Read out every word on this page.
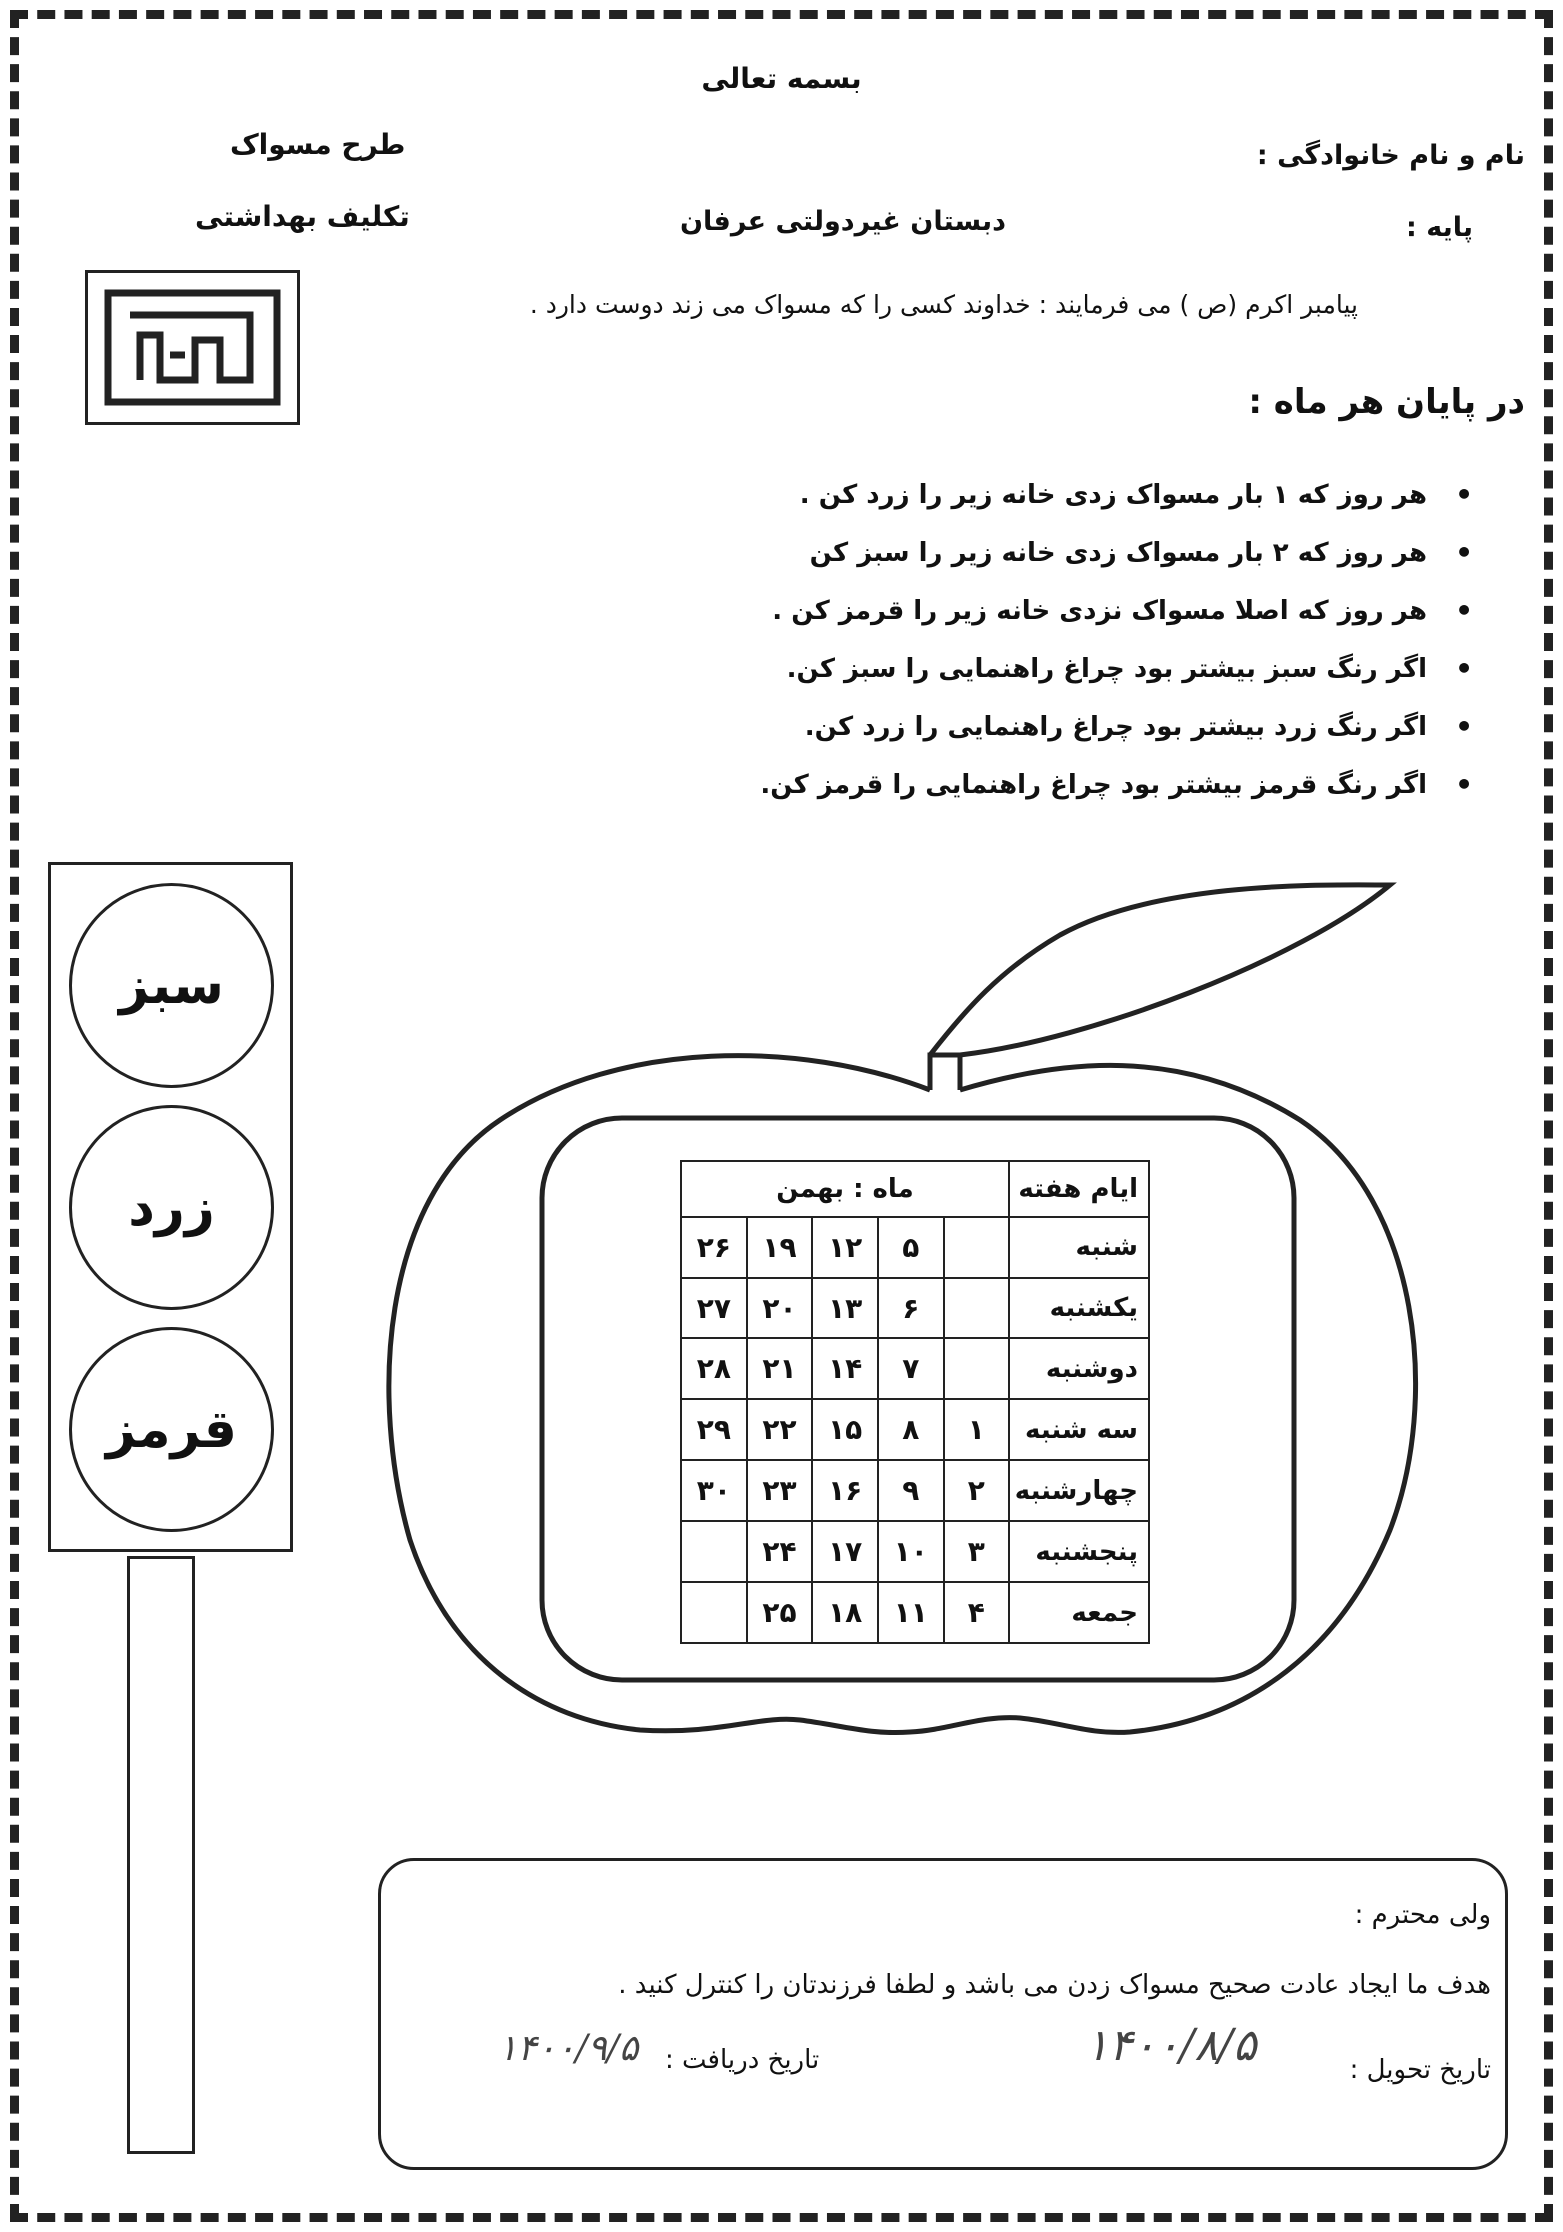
بسمه تعالی
نام و نام خانوادگی :
پایه :
دبستان غیردولتی عرفان
طرح مسواک
تکلیف بهداشتی
پیامبر اکرم (ص ) می فرمایند : خداوند کسی را که مسواک می زند دوست دارد .
در پایان هر ماه :
• هر روز که ۱ بار مسواک زدی خانه زیر را زرد کن .
• هر روز که ۲ بار مسواک زدی خانه زیر را سبز کن
• هر روز که اصلا مسواک نزدی خانه زیر را قرمز کن .
• اگر رنگ سبز بیشتر بود چراغ راهنمایی را سبز کن.
• اگر رنگ زرد بیشتر بود چراغ راهنمایی را زرد کن.
• اگر رنگ قرمز بیشتر بود چراغ راهنمایی را قرمز کن.
سبز
زرد
قرمز
ایام هفته	ماه : بهمن				
شنبه		۵	۱۲	۱۹	۲۶
یکشنبه		۶	۱۳	۲۰	۲۷
دوشنبه		۷	۱۴	۲۱	۲۸
سه شنبه	۱	۸	۱۵	۲۲	۲۹
چهارشنبه	۲	۹	۱۶	۲۳	۳۰
پنجشنبه	۳	۱۰	۱۷	۲۴	
جمعه	۴	۱۱	۱۸	۲۵	
ولی محترم :
هدف ما ایجاد عادت صحیح مسواک زدن می باشد و لطفا فرزندتان را کنترل کنید .
تاریخ تحویل :
۱۴۰۰/۸/۵
تاریخ دریافت :
۱۴۰۰/۹/۵
